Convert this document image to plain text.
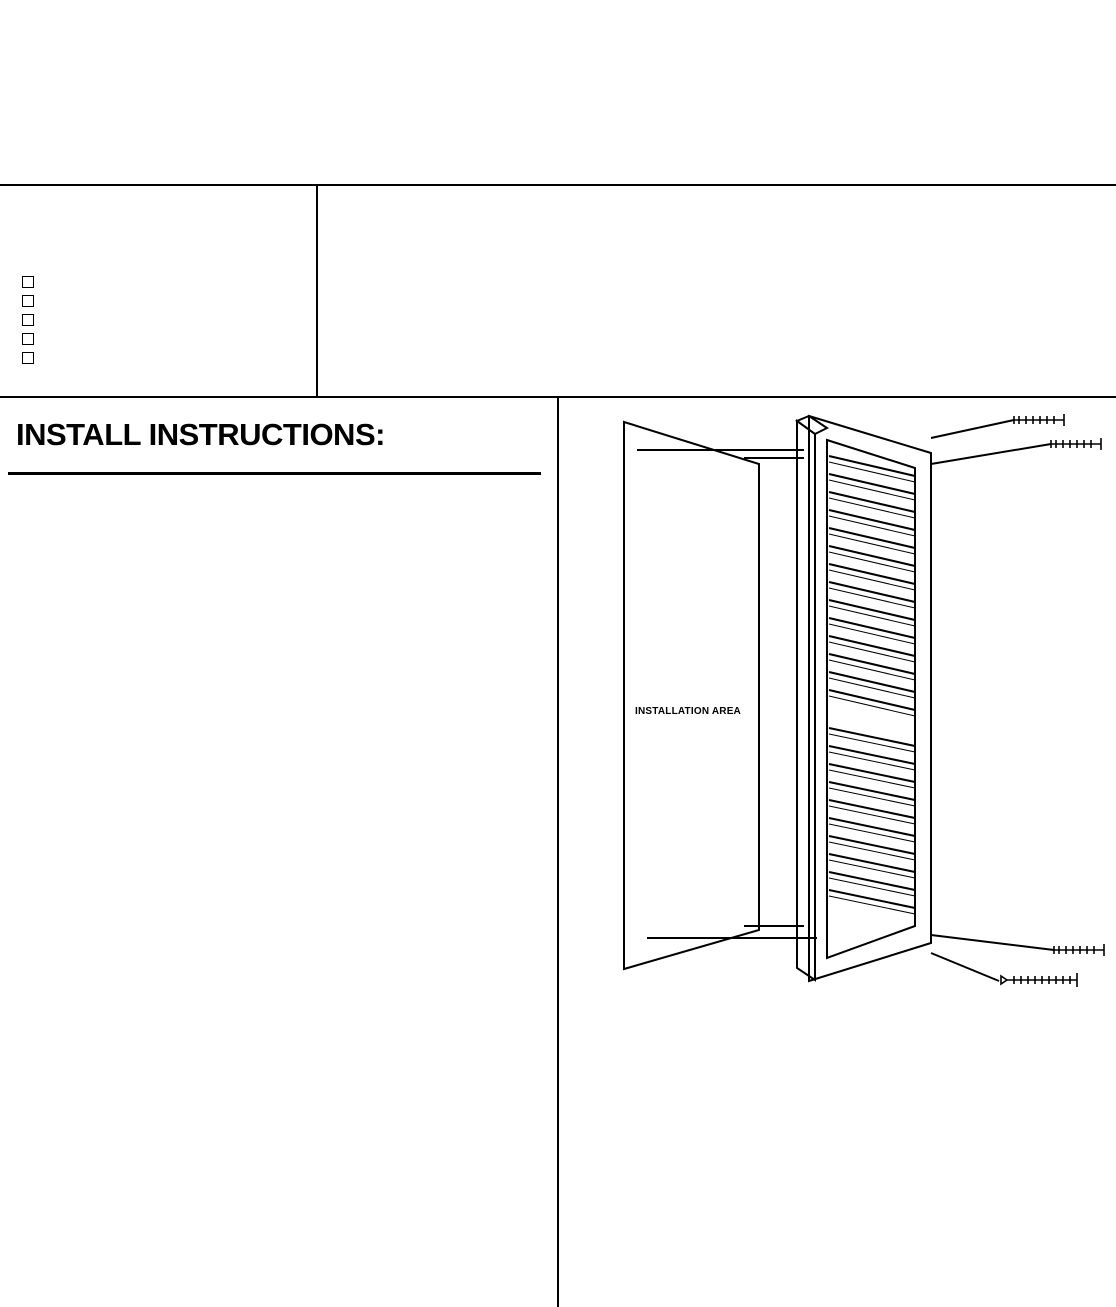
INSTALL INSTRUCTIONS:
INSTALLATION AREA
